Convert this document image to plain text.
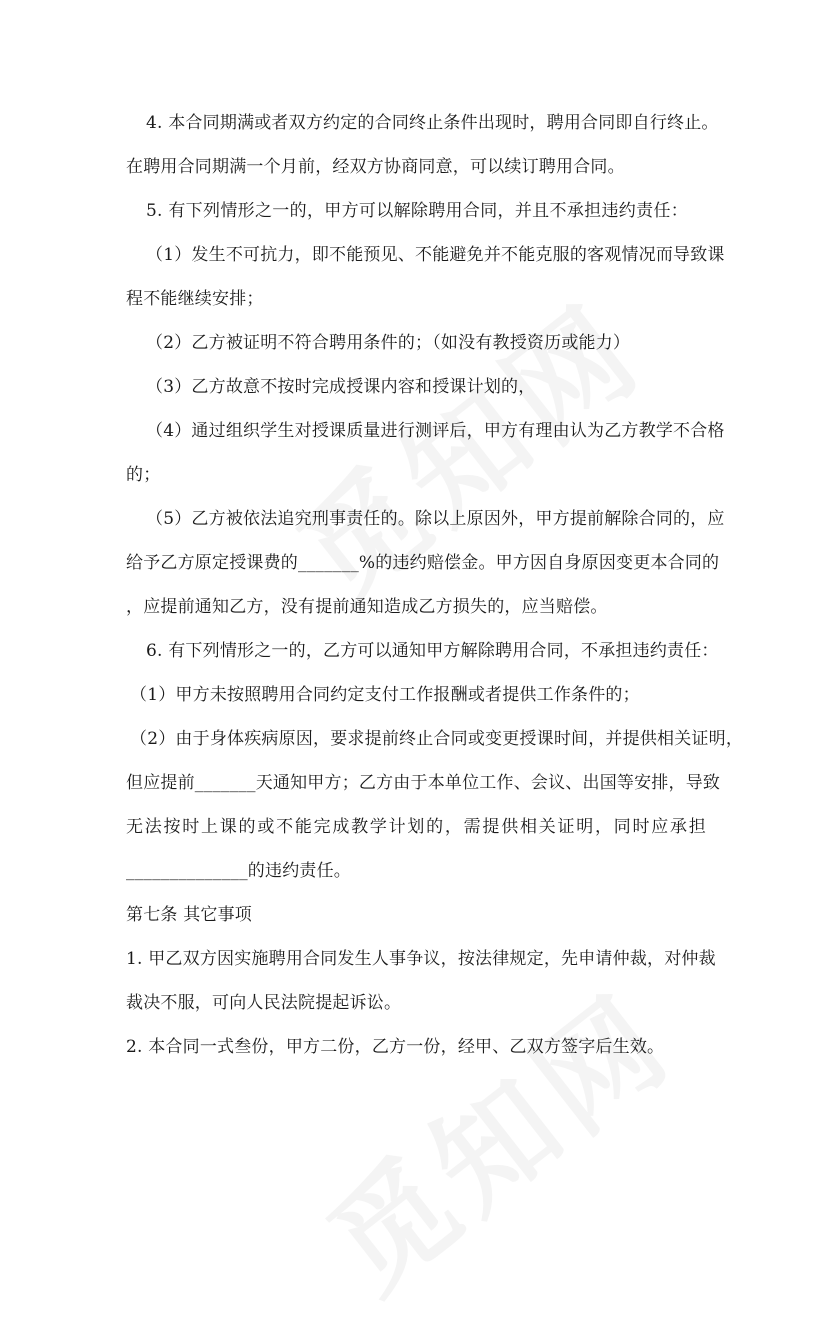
4. 本合同期满或者双方约定的合同终止条件出现时，聘用合同即自行终止。
在聘用合同期满一个月前，经双方协商同意，可以续订聘用合同。
5. 有下列情形之一的，甲方可以解除聘用合同，并且不承担违约责任：
（1）发生不可抗力，即不能预见、不能避免并不能克服的客观情况而导致课
程不能继续安排；
（2）乙方被证明不符合聘用条件的；（如没有教授资历或能力）
（3）乙方故意不按时完成授课内容和授课计划的，
（4）通过组织学生对授课质量进行测评后，甲方有理由认为乙方教学不合格
的；
（5）乙方被依法追究刑事责任的。除以上原因外，甲方提前解除合同的，应
给予乙方原定授课费的_______%的违约赔偿金。甲方因自身原因变更本合同的
，应提前通知乙方，没有提前通知造成乙方损失的，应当赔偿。
6. 有下列情形之一的，乙方可以通知甲方解除聘用合同，不承担违约责任：
（1）甲方未按照聘用合同约定支付工作报酬或者提供工作条件的；
（2）由于身体疾病原因，要求提前终止合同或变更授课时间，并提供相关证明，
但应提前_______天通知甲方；乙方由于本单位工作、会议、出国等安排，导致
无法按时上课的或不能完成教学计划的，需提供相关证明，同时应承担
______________的违约责任。
第七条 其它事项
1. 甲乙双方因实施聘用合同发生人事争议，按法律规定，先申请仲裁，对仲裁
裁决不服，可向人民法院提起诉讼。
2. 本合同一式叁份，甲方二份，乙方一份，经甲、乙双方签字后生效。
